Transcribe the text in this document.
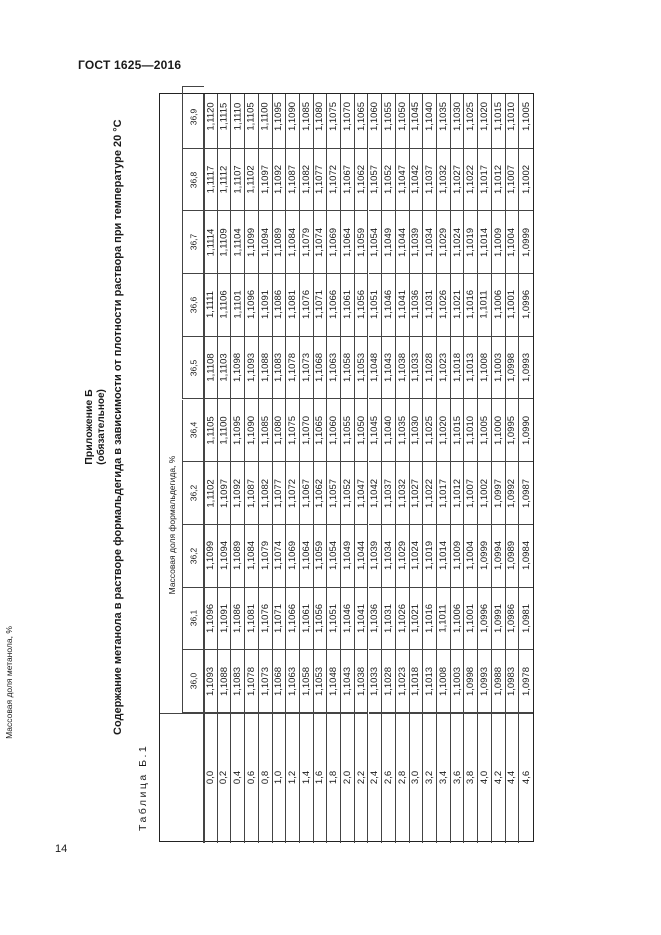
ГОСТ 1625—2016
Приложение Б (обязательное) Содержание метанола в растворе формальдегида в зависимости от плотности раствора при температуре 20 °С
Таблица Б.1
36,0
36,1
36,2
36,2
36,4
36,5
36,6
36,7
36,8
36,9
0,0
1,1093
1,1096
1,1099
1,1102
1,1105
1,1108
1,1111
1,1114
1,1117
1,1120
0,2
1,1088
1,1091
1,1094
1,1097
1,1100
1,1103
1,1106
1,1109
1,1112
1,1115
0,4
1,1083
1,1086
1,1089
1,1092
1,1095
1,1098
1,1101
1,1104
1,1107
1,1110
0,6
1,1078
1,1081
1,1084
1,1087
1,1090
1,1093
1,1096
1,1099
1,1102
1,1105
0,8
1,1073
1,1076
1,1079
1,1082
1,1085
1,1088
1,1091
1,1094
1,1097
1,1100
1,0
1,1068
1,1071
1,1074
1,1077
1,1080
1,1083
1,1086
1,1089
1,1092
1,1095
1,2
1,1063
1,1066
1,1069
1,1072
1,1075
1,1078
1,1081
1,1084
1,1087
1,1090
1,4
1,1058
1,1061
1,1064
1,1067
1,1070
1,1073
1,1076
1,1079
1,1082
1,1085
1,6
1,1053
1,1056
1,1059
1,1062
1,1065
1,1068
1,1071
1,1074
1,1077
1,1080
1,8
1,1048
1,1051
1,1054
1,1057
1,1060
1,1063
1,1066
1,1069
1,1072
1,1075
2,0
1,1043
1,1046
1,1049
1,1052
1,1055
1,1058
1,1061
1,1064
1,1067
1,1070
2,2
1,1038
1,1041
1,1044
1,1047
1,1050
1,1053
1,1056
1,1059
1,1062
1,1065
2,4
1,1033
1,1036
1,1039
1,1042
1,1045
1,1048
1,1051
1,1054
1,1057
1,1060
2,6
1,1028
1,1031
1,1034
1,1037
1,1040
1,1043
1,1046
1,1049
1,1052
1,1055
2,8
1,1023
1,1026
1,1029
1,1032
1,1035
1,1038
1,1041
1,1044
1,1047
1,1050
3,0
1,1018
1,1021
1,1024
1,1027
1,1030
1,1033
1,1036
1,1039
1,1042
1,1045
3,2
1,1013
1,1016
1,1019
1,1022
1,1025
1,1028
1,1031
1,1034
1,1037
1,1040
3,4
1,1008
1,1011
1,1014
1,1017
1,1020
1,1023
1,1026
1,1029
1,1032
1,1035
3,6
1,1003
1,1006
1,1009
1,1012
1,1015
1,1018
1,1021
1,1024
1,1027
1,1030
3,8
1,0998
1,1001
1,1004
1,1007
1,1010
1,1013
1,1016
1,1019
1,1022
1,1025
4,0
1,0993
1,0996
1,0999
1,1002
1,1005
1,1008
1,1011
1,1014
1,1017
1,1020
4,2
1,0988
1,0991
1,0994
1,0997
1,1000
1,1003
1,1006
1,1009
1,1012
1,1015
4,4
1,0983
1,0986
1,0989
1,0992
1,0995
1,0998
1,1001
1,1004
1,1007
1,1010
4,6
1,0978
1,0981
1,0984
1,0987
1,0990
1,0993
1,0996
1,0999
1,1002
1,1005
Массовая доля метанола, %
Массовая доля формальдегида, %
14
